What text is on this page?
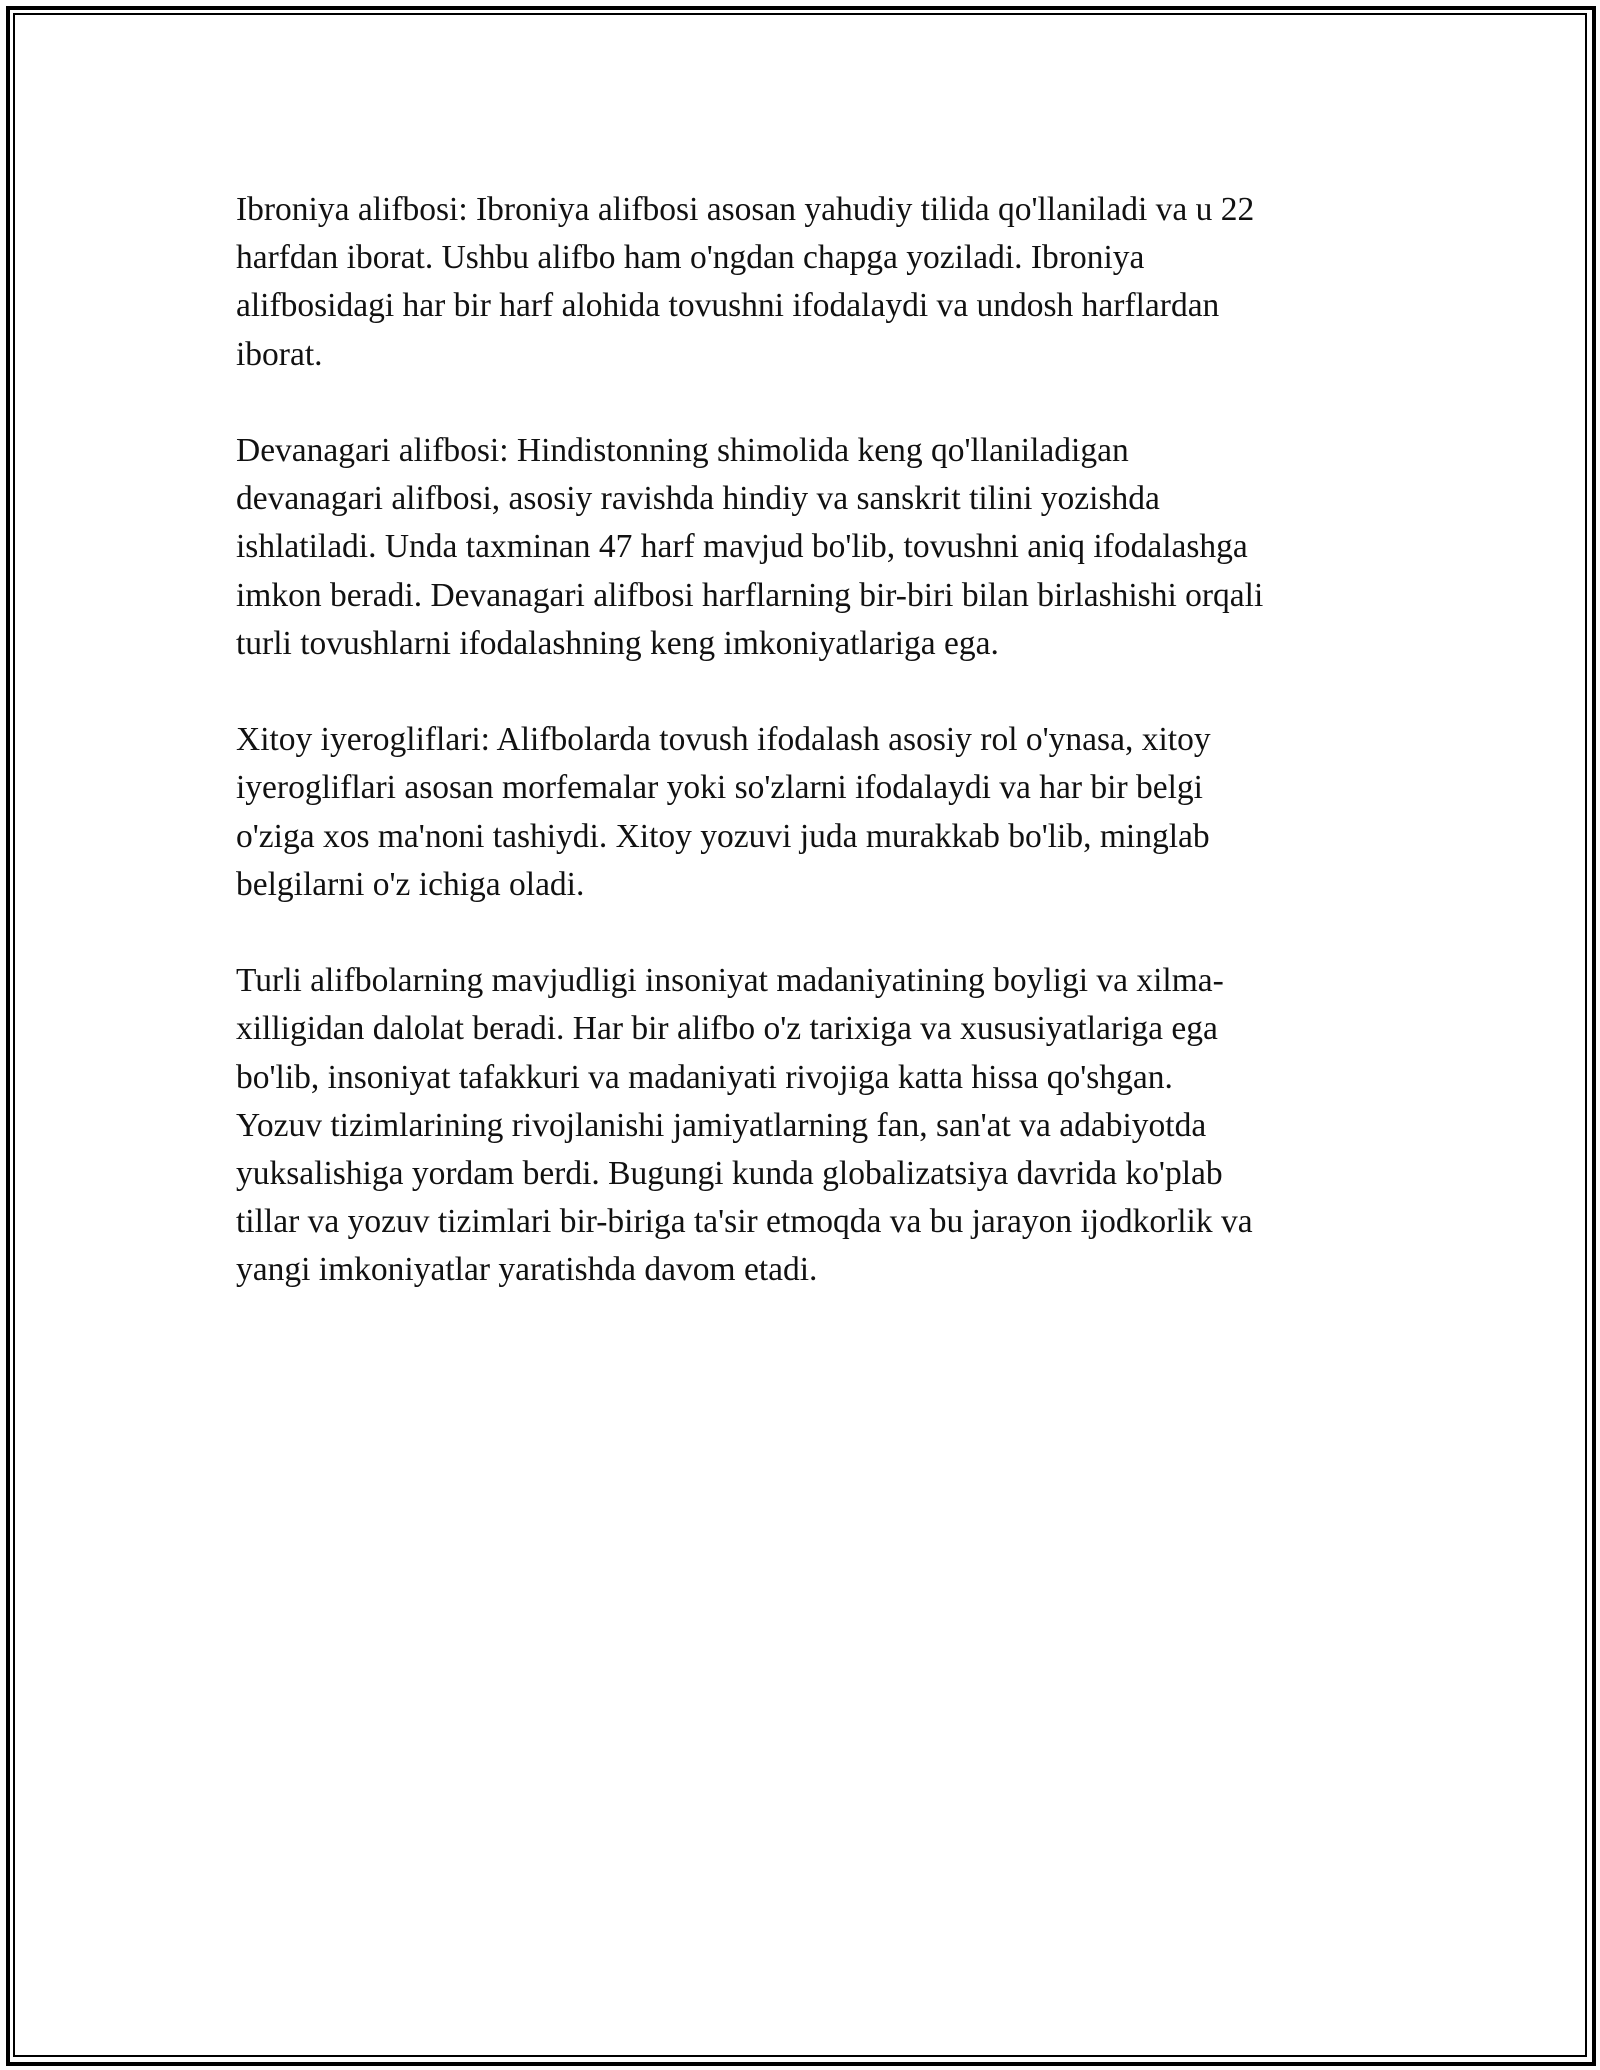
Ibroniya alifbosi: Ibroniya alifbosi asosan yahudiy tilida qo'llaniladi va u 22
harfdan iborat. Ushbu alifbo ham o'ngdan chapga yoziladi. Ibroniya
alifbosidagi har bir harf alohida tovushni ifodalaydi va undosh harflardan
iborat.

Devanagari alifbosi: Hindistonning shimolida keng qo'llaniladigan
devanagari alifbosi, asosiy ravishda hindiy va sanskrit tilini yozishda
ishlatiladi. Unda taxminan 47 harf mavjud bo'lib, tovushni aniq ifodalashga
imkon beradi. Devanagari alifbosi harflarning bir-biri bilan birlashishi orqali
turli tovushlarni ifodalashning keng imkoniyatlariga ega.

Xitoy iyerogliflari: Alifbolarda tovush ifodalash asosiy rol o'ynasa, xitoy
iyerogliflari asosan morfemalar yoki so'zlarni ifodalaydi va har bir belgi
o'ziga xos ma'noni tashiydi. Xitoy yozuvi juda murakkab bo'lib, minglab
belgilarni o'z ichiga oladi.

Turli alifbolarning mavjudligi insoniyat madaniyatining boyligi va xilma-
xilligidan dalolat beradi. Har bir alifbo o'z tarixiga va xususiyatlariga ega
bo'lib, insoniyat tafakkuri va madaniyati rivojiga katta hissa qo'shgan.
Yozuv tizimlarining rivojlanishi jamiyatlarning fan, san'at va adabiyotda
yuksalishiga yordam berdi. Bugungi kunda globalizatsiya davrida ko'plab
tillar va yozuv tizimlari bir-biriga ta'sir etmoqda va bu jarayon ijodkorlik va
yangi imkoniyatlar yaratishda davom etadi.
